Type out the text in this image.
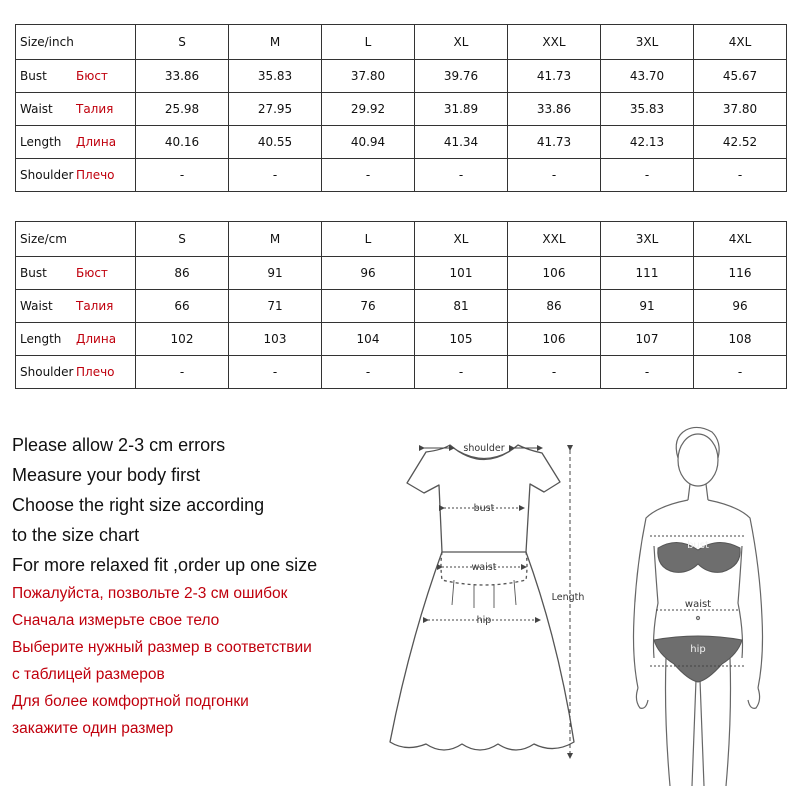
Size/inch	S	M	L	XL	XXL	3XL	4XL
Bust Бюст	33.86	35.83	37.80	39.76	41.73	43.70	45.67
Waist Талия	25.98	27.95	29.92	31.89	33.86	35.83	37.80
Length Длина	40.16	40.55	40.94	41.34	41.73	42.13	42.52
Shoulder Плечо	-	-	-	-	-	-	-
Size/cm	S	M	L	XL	XXL	3XL	4XL
Bust Бюст	86	91	96	101	106	111	116
Waist Талия	66	71	76	81	86	91	96
Length Длина	102	103	104	105	106	107	108
Shoulder Плечо	-	-	-	-	-	-	-
Please allow 2-3 cm errors
Measure your body first
Choose the right size according
to the size chart
For more relaxed fit ,order up one size
Пожалуйста, позвольте 2-3 см ошибок
Сначала измерьте свое тело
Выберите нужный размер в соответствии
с таблицей размеров
Для более комфортной подгонки
закажите один размер
shoulder
bust
waist
hip
Length
bust
hip
waist
